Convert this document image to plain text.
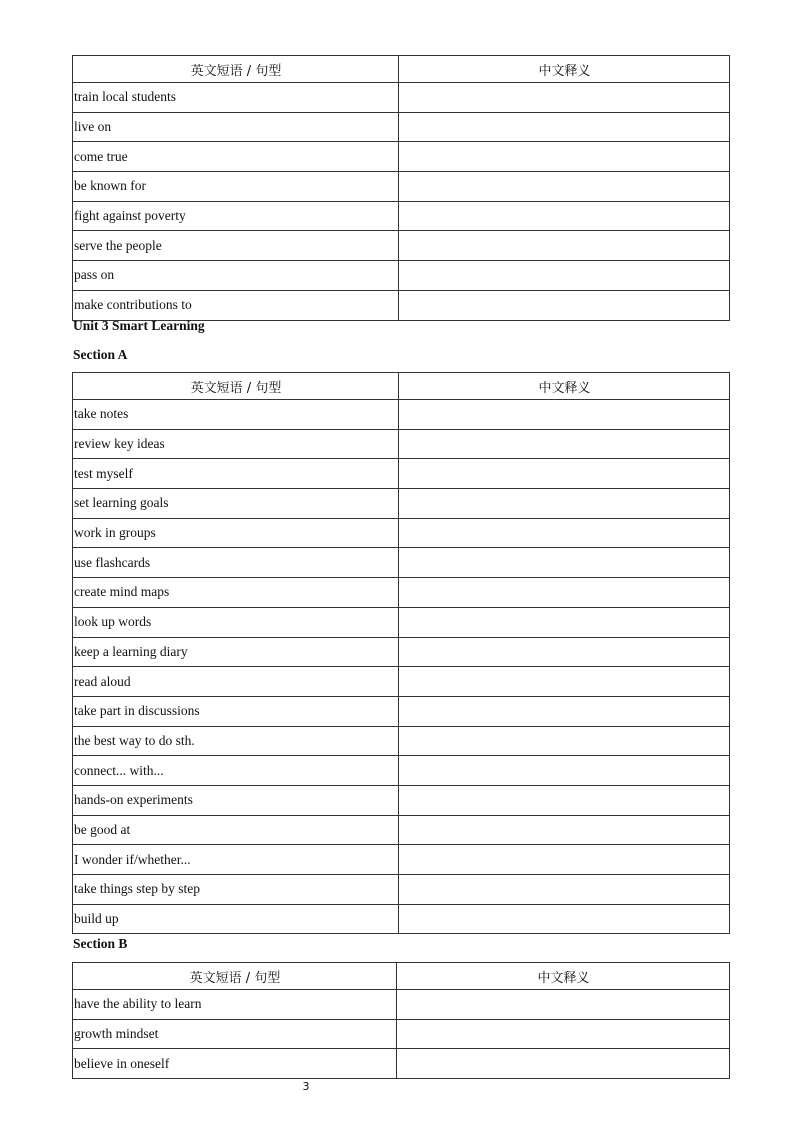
英文短语 / 句型	中文释义
train local students	
live on	
come true	
be known for	
fight against poverty	
serve the people	
pass on	
make contributions to	
Unit 3 Smart Learning
Section A
英文短语 / 句型	中文释义
take notes	
review key ideas	
test myself	
set learning goals	
work in groups	
use flashcards	
create mind maps	
look up words	
keep a learning diary	
read aloud	
take part in discussions	
the best way to do sth.	
connect... with...	
hands-on experiments	
be good at	
I wonder if/whether...	
take things step by step	
build up	
Section B
英文短语 / 句型	中文释义
have the ability to learn	
growth mindset	
believe in oneself	
3
